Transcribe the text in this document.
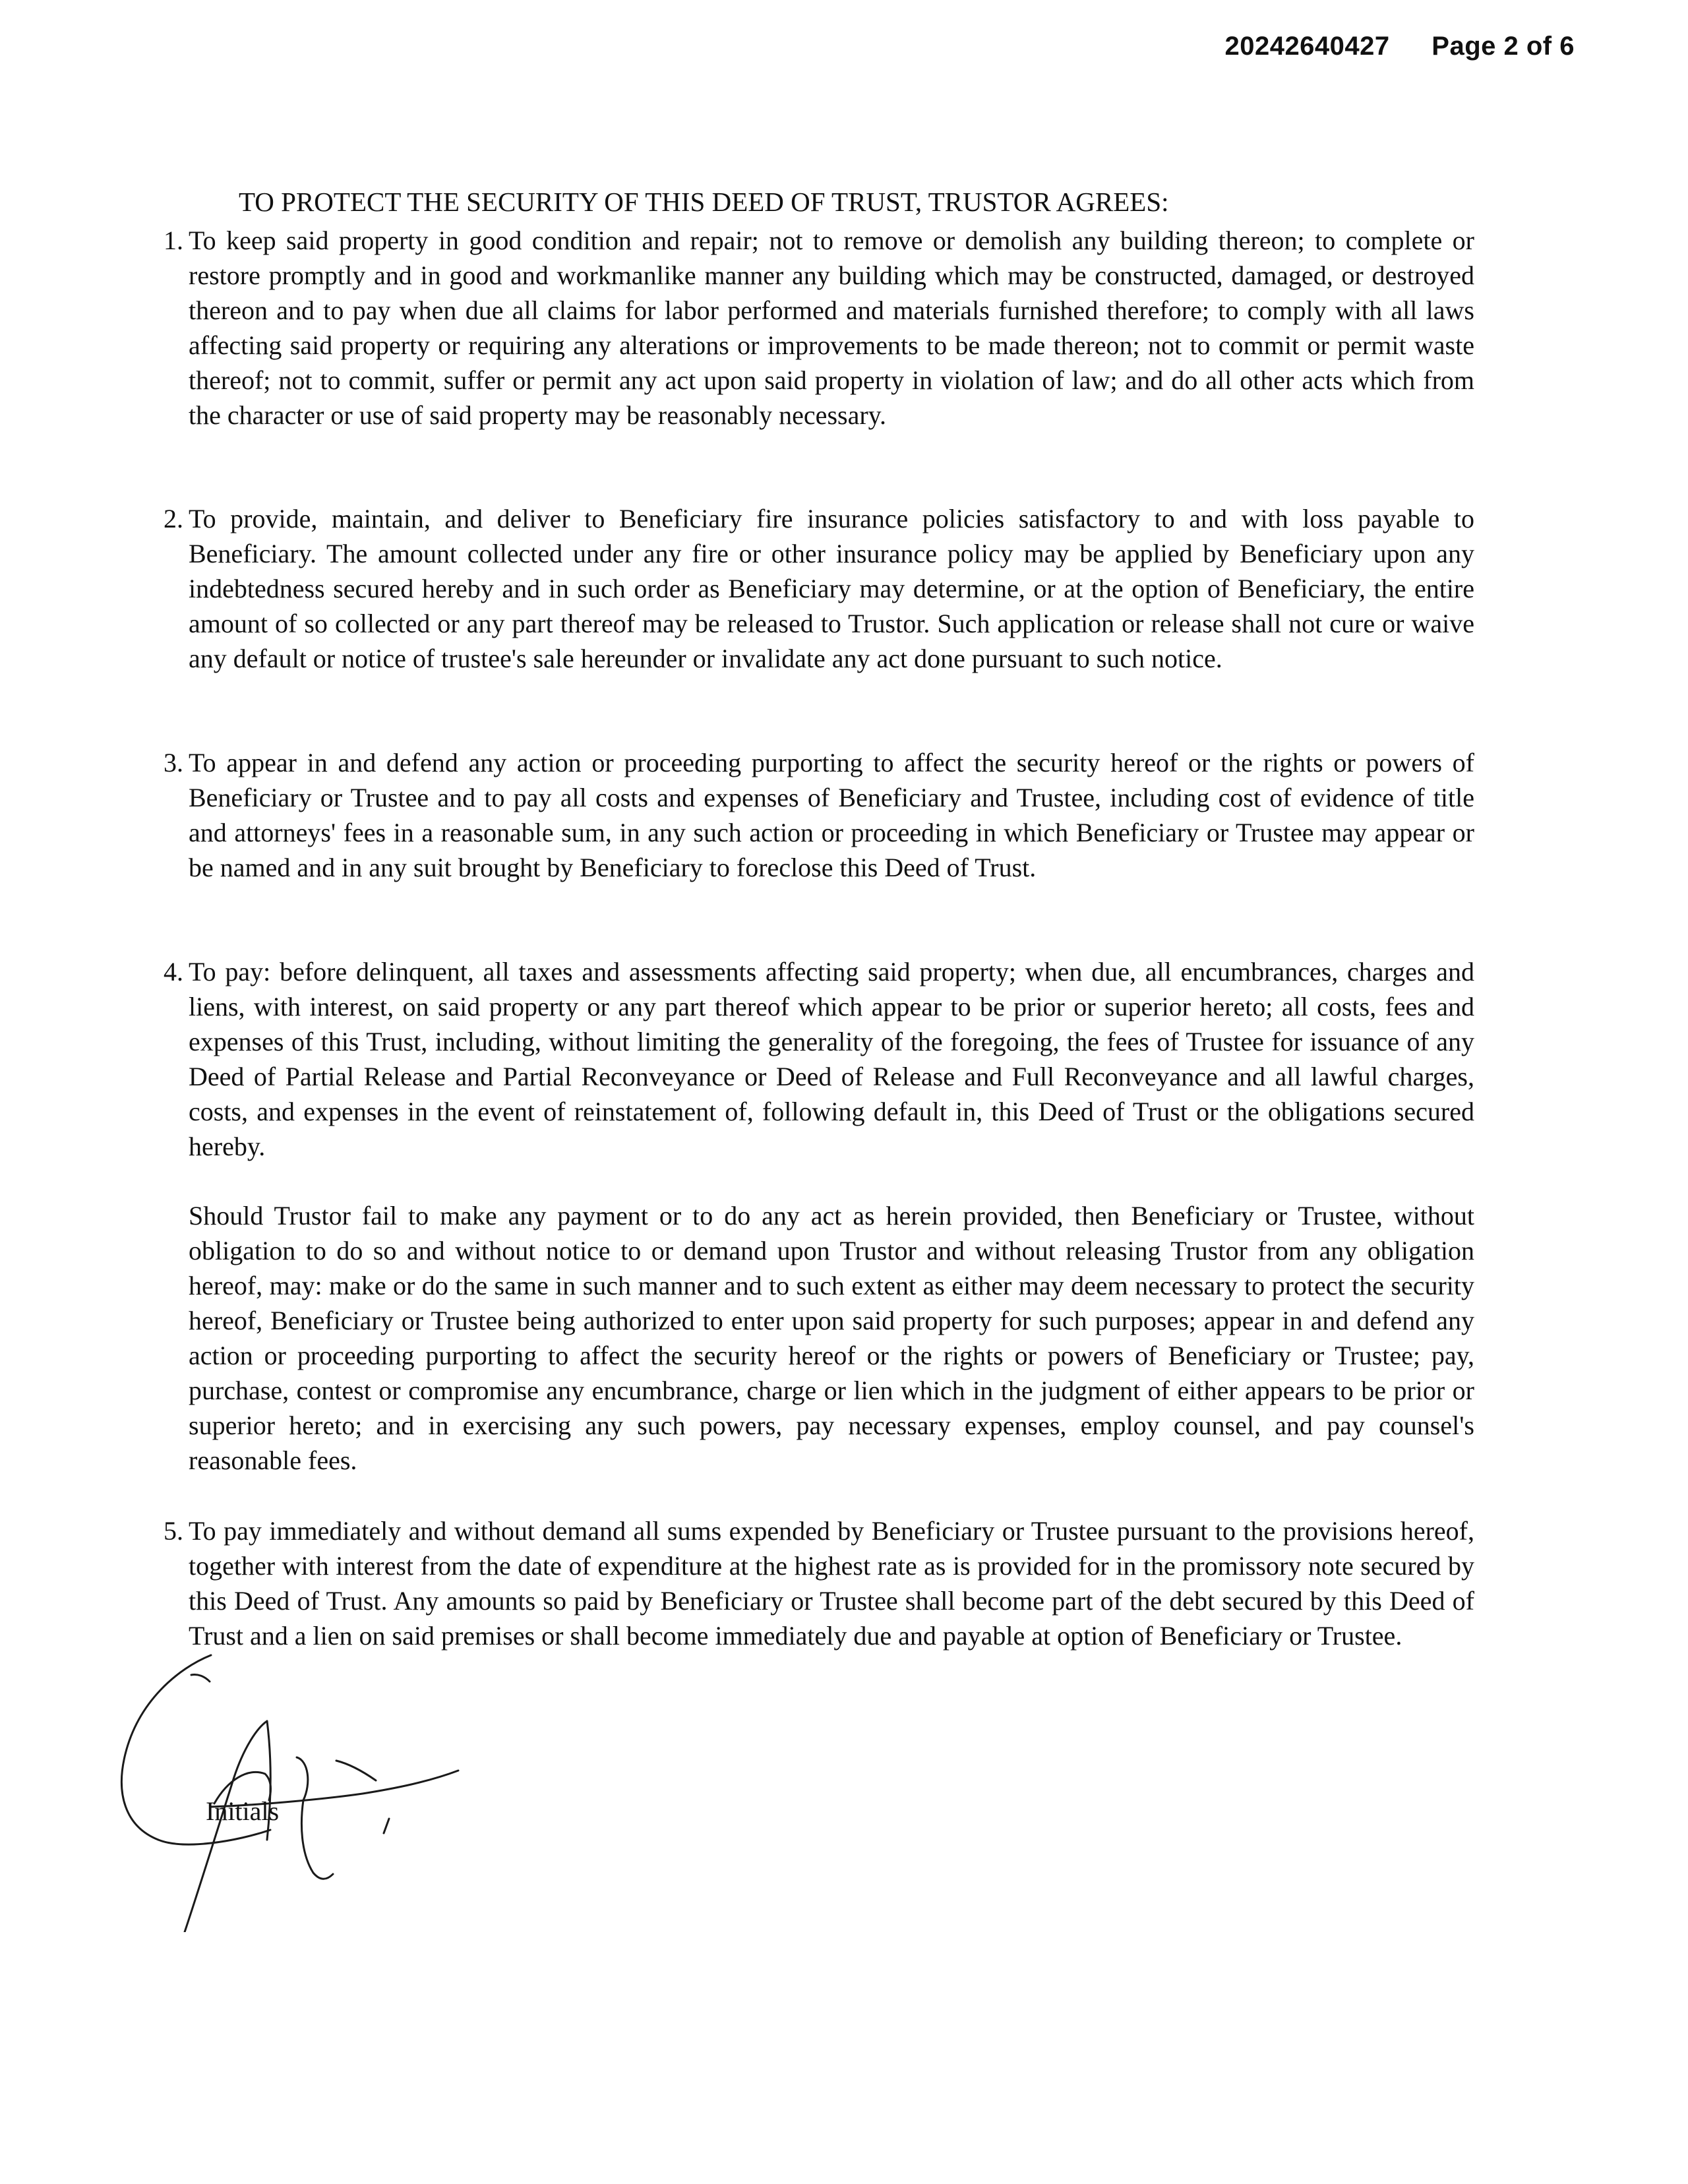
20242640427 Page 2 of 6
TO PROTECT THE SECURITY OF THIS DEED OF TRUST, TRUSTOR AGREES:
1. To keep said property in good condition and repair; not to remove or demolish any building thereon; to complete or restore promptly and in good and workmanlike manner any building which may be constructed, damaged, or destroyed thereon and to pay when due all claims for labor performed and materials furnished therefore; to comply with all laws affecting said property or requiring any alterations or improvements to be made thereon; not to commit or permit waste thereof; not to commit, suffer or permit any act upon said property in violation of law; and do all other acts which from the character or use of said property may be reasonably necessary.
2. To provide, maintain, and deliver to Beneficiary fire insurance policies satisfactory to and with loss payable to Beneficiary. The amount collected under any fire or other insurance policy may be applied by Beneficiary upon any indebtedness secured hereby and in such order as Beneficiary may determine, or at the option of Beneficiary, the entire amount of so collected or any part thereof may be released to Trustor. Such application or release shall not cure or waive any default or notice of trustee's sale hereunder or invalidate any act done pursuant to such notice.
3. To appear in and defend any action or proceeding purporting to affect the security hereof or the rights or powers of Beneficiary or Trustee and to pay all costs and expenses of Beneficiary and Trustee, including cost of evidence of title and attorneys' fees in a reasonable sum, in any such action or proceeding in which Beneficiary or Trustee may appear or be named and in any suit brought by Beneficiary to foreclose this Deed of Trust.
4. To pay: before delinquent, all taxes and assessments affecting said property; when due, all encumbrances, charges and liens, with interest, on said property or any part thereof which appear to be prior or superior hereto; all costs, fees and expenses of this Trust, including, without limiting the generality of the foregoing, the fees of Trustee for issuance of any Deed of Partial Release and Partial Reconveyance or Deed of Release and Full Reconveyance and all lawful charges, costs, and expenses in the event of reinstatement of, following default in, this Deed of Trust or the obligations secured hereby.
Should Trustor fail to make any payment or to do any act as herein provided, then Beneficiary or Trustee, without obligation to do so and without notice to or demand upon Trustor and without releasing Trustor from any obligation hereof, may: make or do the same in such manner and to such extent as either may deem necessary to protect the security hereof, Beneficiary or Trustee being authorized to enter upon said property for such purposes; appear in and defend any action or proceeding purporting to affect the security hereof or the rights or powers of Beneficiary or Trustee; pay, purchase, contest or compromise any encumbrance, charge or lien which in the judgment of either appears to be prior or superior hereto; and in exercising any such powers, pay necessary expenses, employ counsel, and pay counsel's reasonable fees.
5. To pay immediately and without demand all sums expended by Beneficiary or Trustee pursuant to the provisions hereof, together with interest from the date of expenditure at the highest rate as is provided for in the promissory note secured by this Deed of Trust. Any amounts so paid by Beneficiary or Trustee shall become part of the debt secured by this Deed of Trust and a lien on said premises or shall become immediately due and payable at option of Beneficiary or Trustee.
Initials
